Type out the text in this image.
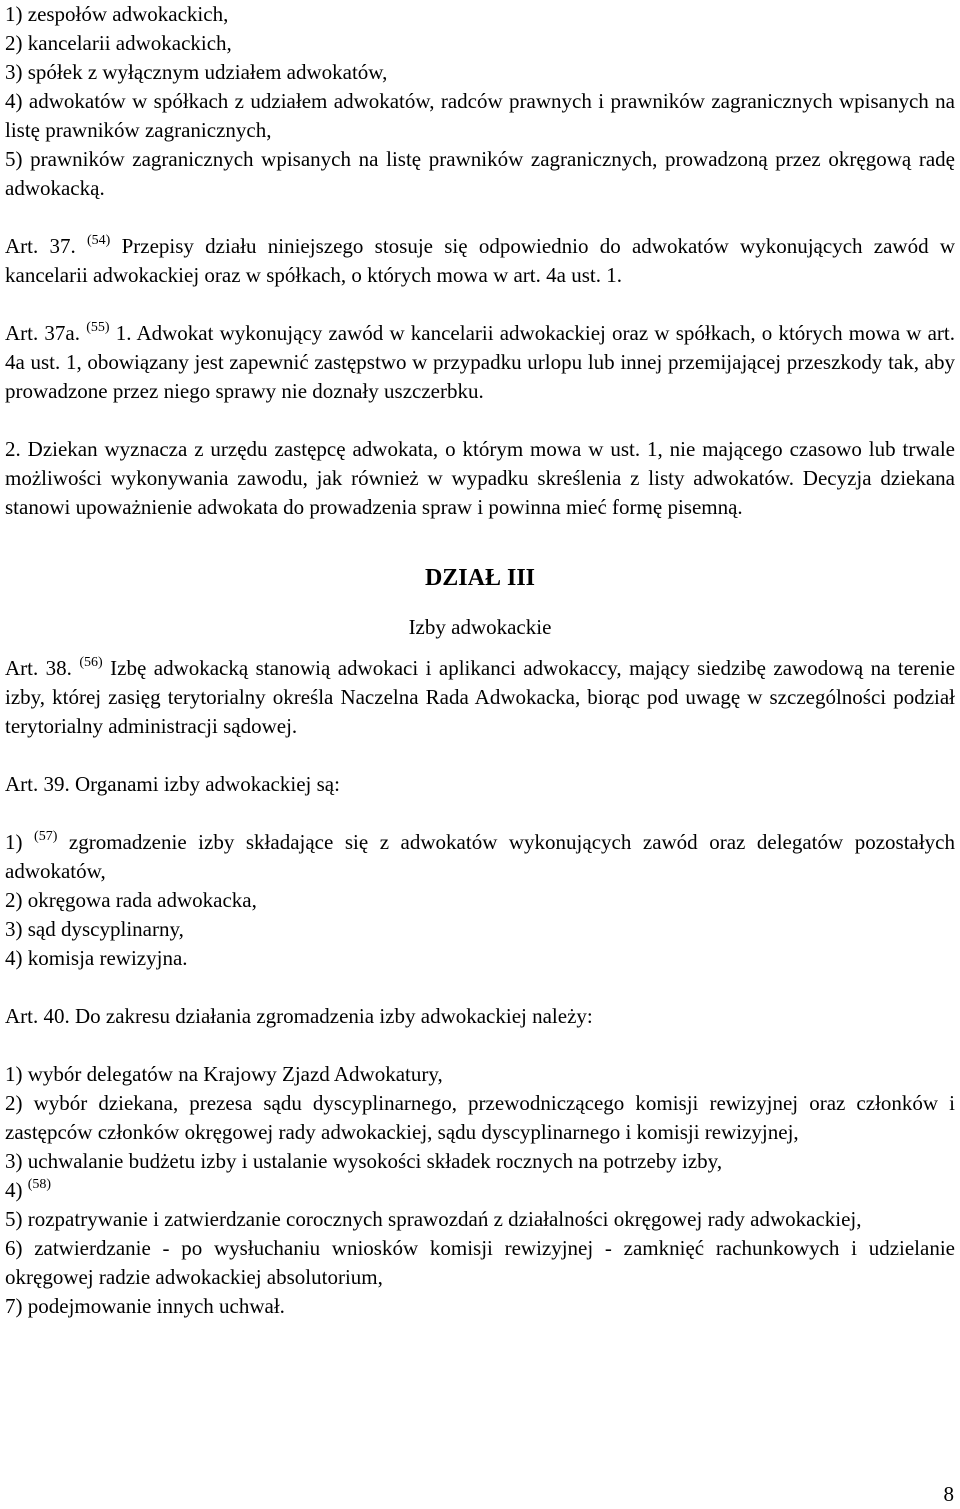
1) zespołów adwokackich,

2) kancelarii adwokackich,

3) spółek z wyłącznym udziałem adwokatów,

4) adwokatów w spółkach z udziałem adwokatów, radców prawnych i prawników zagranicznych wpisanych na listę prawników zagranicznych,

5) prawników zagranicznych wpisanych na listę prawników zagranicznych, prowadzoną przez okręgową radę adwokacką.

Art. 37. $^{(54)}$ Przepisy działu niniejszego stosuje się odpowiednio do adwokatów wykonujących zawód w kancelarii adwokackiej oraz w spółkach, o których mowa w art. 4a ust. 1.

Art. 37a. $^{(55)}$ 1. Adwokat wykonujący zawód w kancelarii adwokackiej oraz w spółkach, o których mowa w art. 4a ust. 1, obowiązany jest zapewnić zastępstwo w przypadku urlopu lub innej przemijającej przeszkody tak, aby prowadzone przez niego sprawy nie doznały uszczerbku.

2. Dziekan wyznacza z urzędu zastępcę adwokata, o którym mowa w ust. 1, nie mającego czasowo lub trwale możliwości wykonywania zawodu, jak również w wypadku skreślenia z listy adwokatów. Decyzja dziekana stanowi upoważnienie adwokata do prowadzenia spraw i powinna mieć formę pisemną.

DZIAŁ III

Izby adwokackie

Art. 38. $^{(56)}$ Izbę adwokacką stanowią adwokaci i aplikanci adwokaccy, mający siedzibę zawodową na terenie izby, której zasięg terytorialny określa Naczelna Rada Adwokacka, biorąc pod uwagę w szczególności podział terytorialny administracji sądowej.

Art. 39. Organami izby adwokackiej są:

1) $^{(57)}$ zgromadzenie izby składające się z adwokatów wykonujących zawód oraz delegatów pozostałych adwokatów,

2) okręgowa rada adwokacka,

3) sąd dyscyplinarny,

4) komisja rewizyjna.

Art. 40. Do zakresu działania zgromadzenia izby adwokackiej należy:

1) wybór delegatów na Krajowy Zjazd Adwokatury,

2) wybór dziekana, prezesa sądu dyscyplinarnego, przewodniczącego komisji rewizyjnej oraz członków i zastępców członków okręgowej rady adwokackiej, sądu dyscyplinarnego i komisji rewizyjnej,

3) uchwalanie budżetu izby i ustalanie wysokości składek rocznych na potrzeby izby,

4) $^{(58)}$

5) rozpatrywanie i zatwierdzanie corocznych sprawozdań z działalności okręgowej rady adwokackiej,

6) zatwierdzanie - po wysłuchaniu wniosków komisji rewizyjnej - zamknięć rachunkowych i udzielanie okręgowej radzie adwokackiej absolutorium,

7) podejmowanie innych uchwał.

8
